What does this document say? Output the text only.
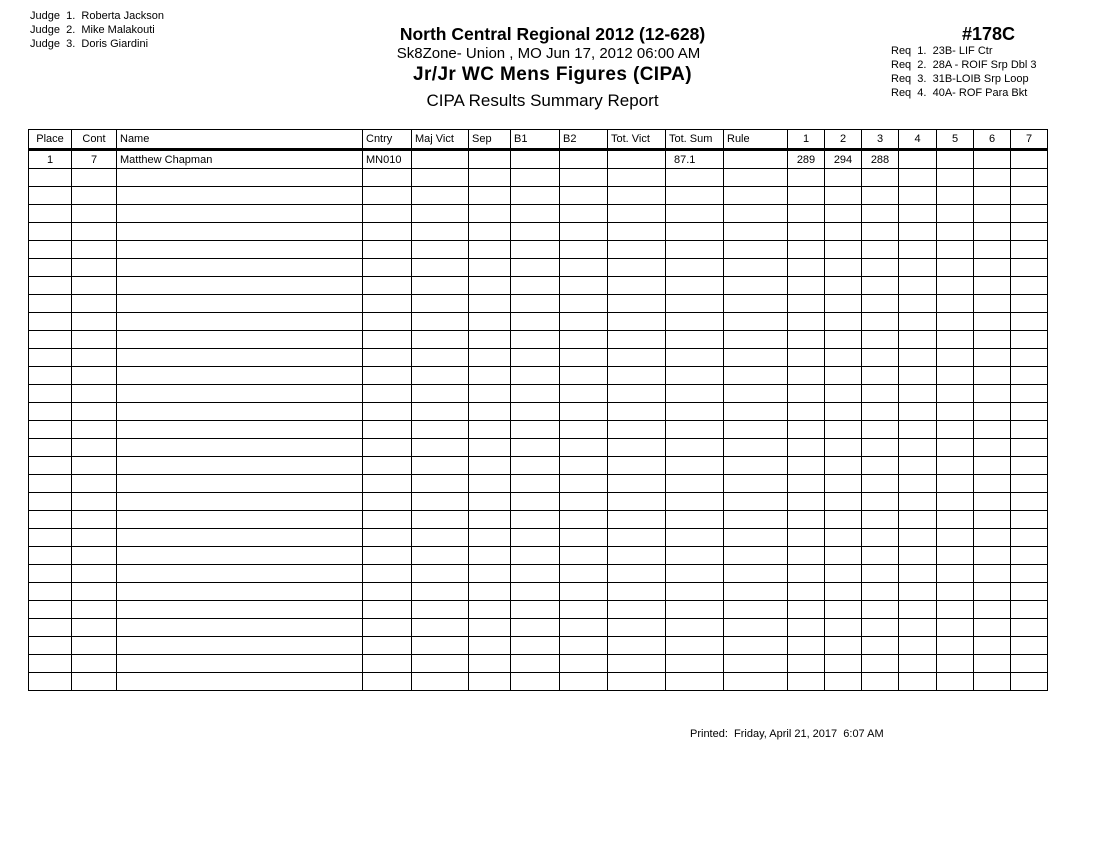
Judge  1. Roberta Jackson
Judge  2. Mike Malakouti
Judge  3. Doris Giardini	North Central Regional 2012 (12-628)
Sk8Zone- Union , MO Jun 17, 2012 06:00 AM
Jr/Jr WC Mens Figures (CIPA)
CIPA Results Summary Report
#178C
Req  1.  23B- LIF Ctr
Req  2.  28A - ROIF Srp Dbl 3
Req  3.  31B-LOIB Srp Loop
Req  4.  40A- ROF Para Bkt
Place	Cont	Name	Cntry	Maj Vict	Sep	B1	B2	Tot. Vict	Tot. Sum	Rule	1	2	3	4	5	6	7
1	7	Matthew Chapman	MN010						87.1		289	294	288				

Printed:  Friday, April 21, 2017  6:07 AM
